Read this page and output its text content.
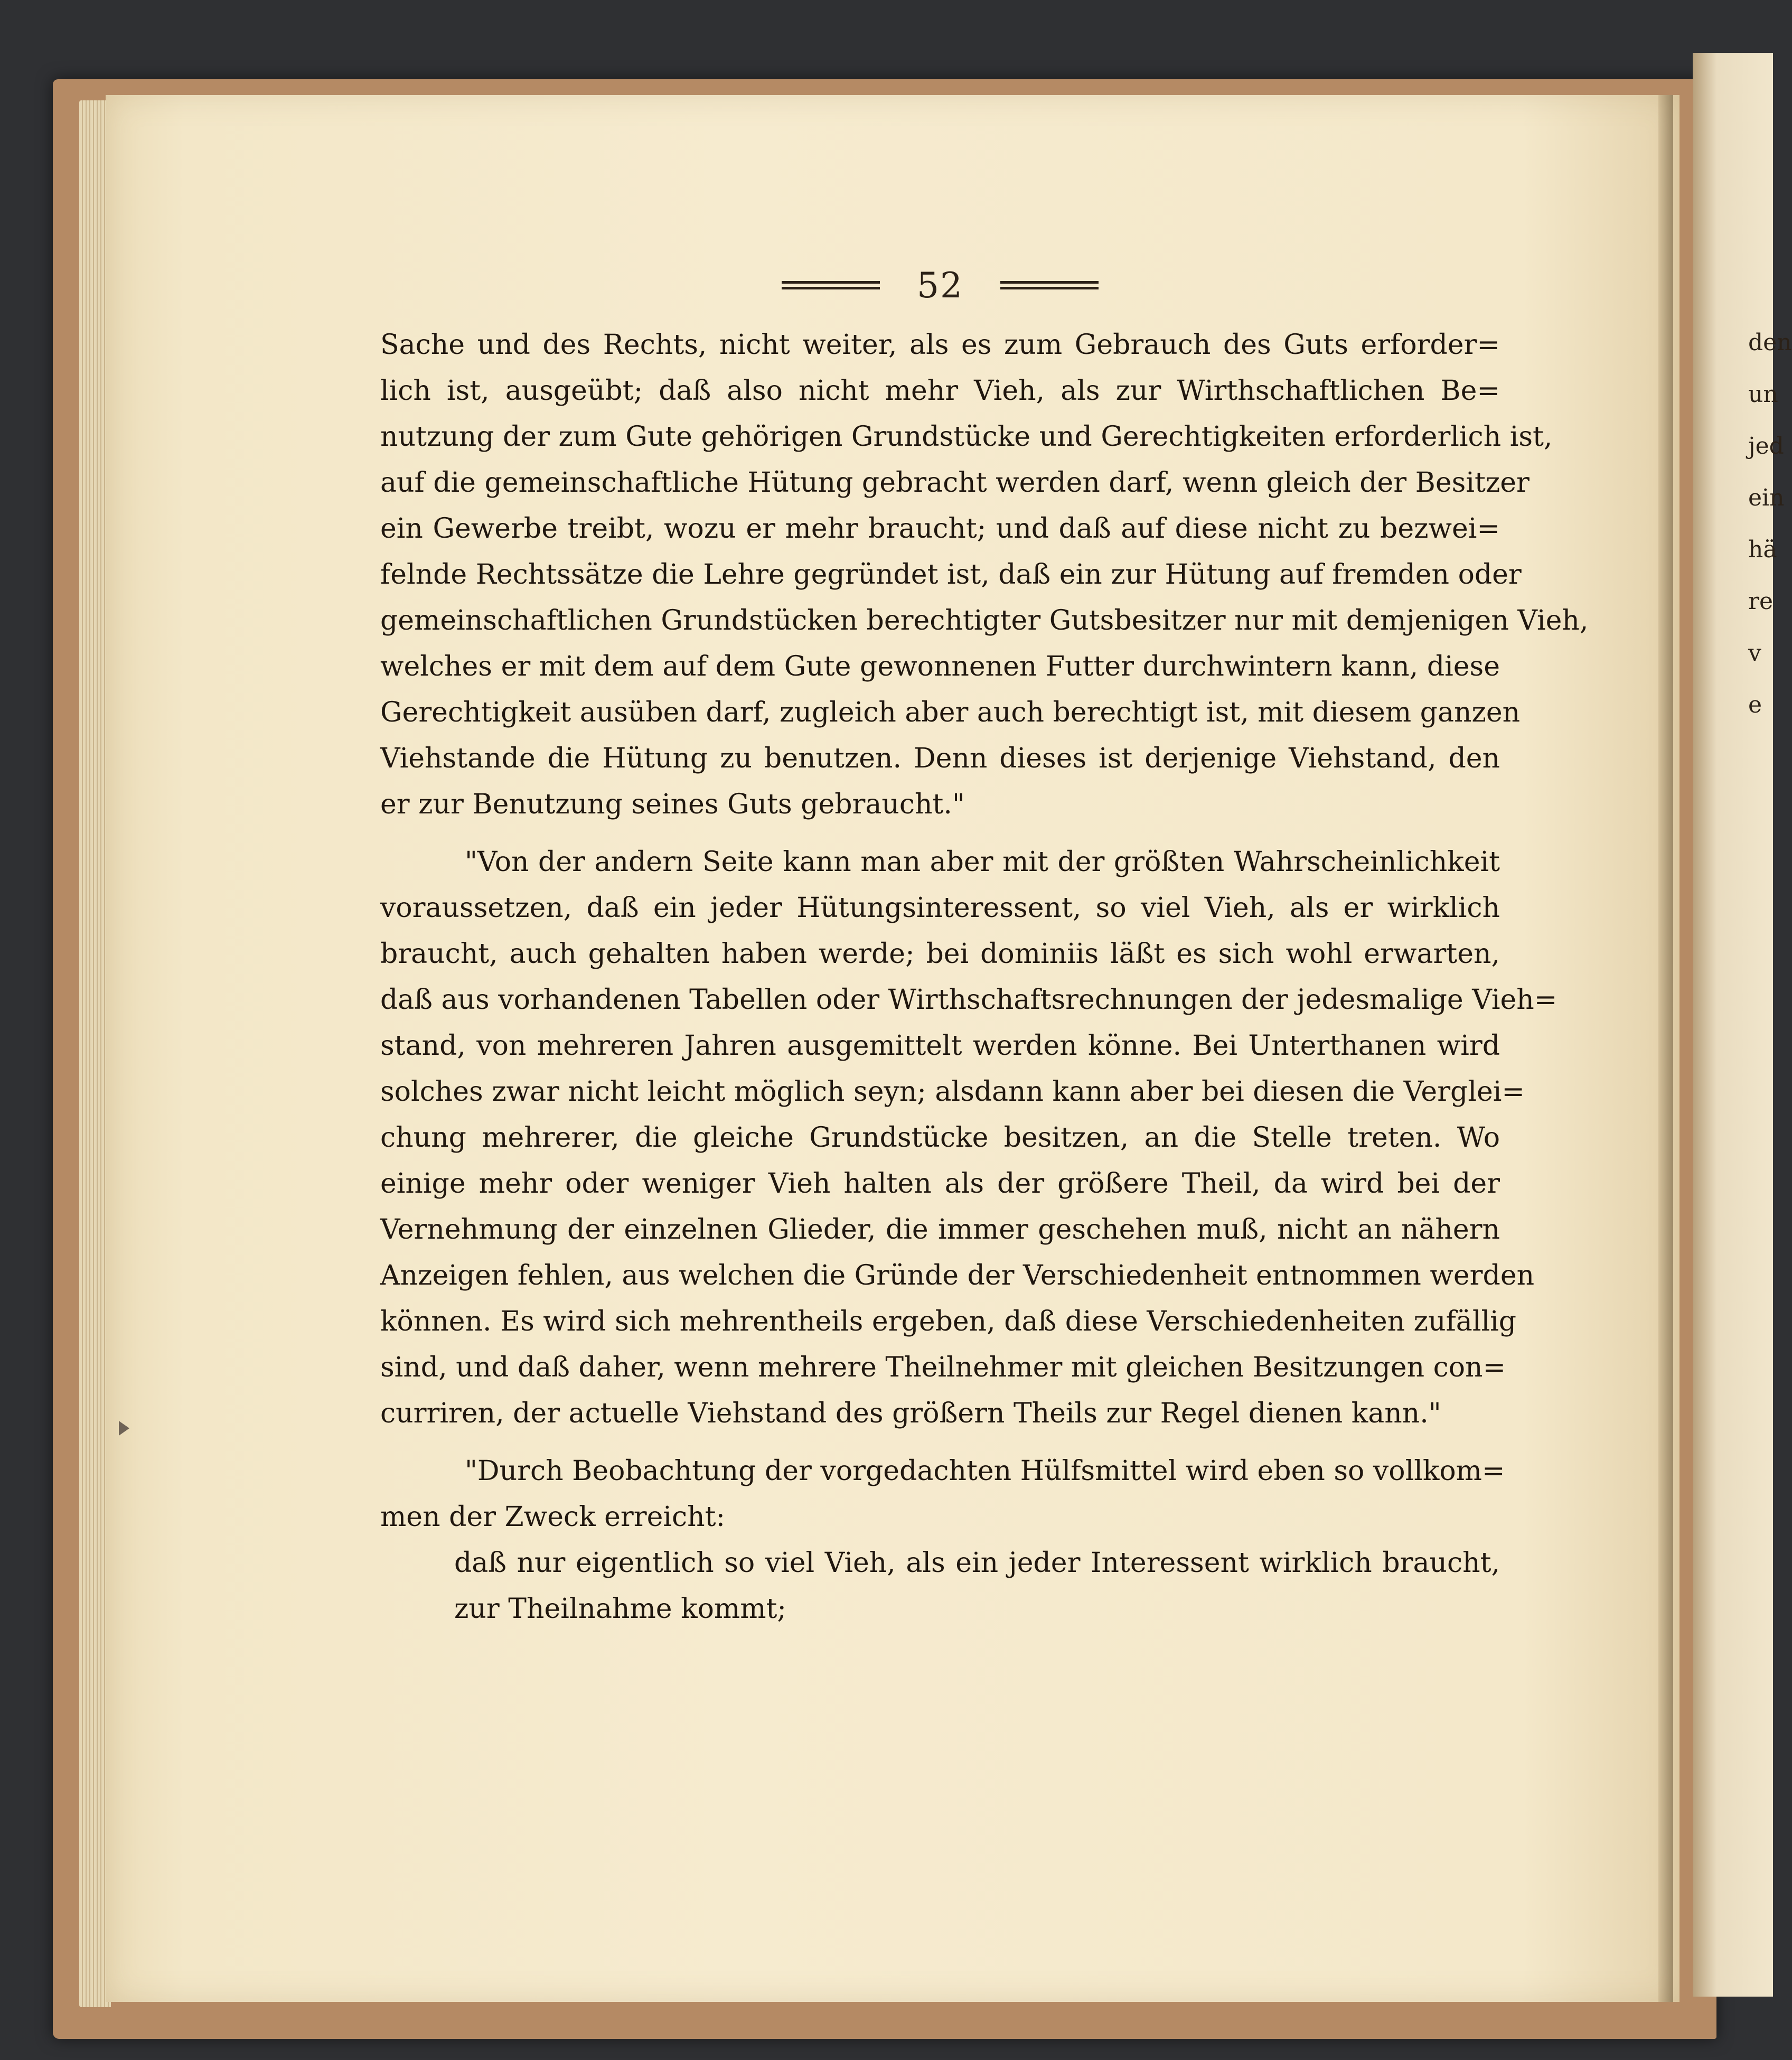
den
un
jed
ein
hä
re
v
e
52
Sache und des Rechts, nicht weiter, als es zum Gebrauch des Guts erforder=
lich ist, ausgeübt; daß also nicht mehr Vieh, als zur Wirthschaftlichen Be=
nutzung der zum Gute gehörigen Grundstücke und Gerechtigkeiten erforderlich ist,
auf die gemeinschaftliche Hütung gebracht werden darf, wenn gleich der Besitzer
ein Gewerbe treibt, wozu er mehr braucht; und daß auf diese nicht zu bezwei=
felnde Rechtssätze die Lehre gegründet ist, daß ein zur Hütung auf fremden oder
gemeinschaftlichen Grundstücken berechtigter Gutsbesitzer nur mit demjenigen Vieh,
welches er mit dem auf dem Gute gewonnenen Futter durchwintern kann, diese
Gerechtigkeit ausüben darf, zugleich aber auch berechtigt ist, mit diesem ganzen
Viehstande die Hütung zu benutzen. Denn dieses ist derjenige Viehstand, den
er zur Benutzung seines Guts gebraucht."
"Von der andern Seite kann man aber mit der größten Wahrscheinlichkeit
voraussetzen, daß ein jeder Hütungsinteressent, so viel Vieh, als er wirklich
braucht, auch gehalten haben werde; bei dominiis läßt es sich wohl erwarten,
daß aus vorhandenen Tabellen oder Wirthschaftsrechnungen der jedesmalige Vieh=
stand, von mehreren Jahren ausgemittelt werden könne. Bei Unterthanen wird
solches zwar nicht leicht möglich seyn; alsdann kann aber bei diesen die Verglei=
chung mehrerer, die gleiche Grundstücke besitzen, an die Stelle treten. Wo
einige mehr oder weniger Vieh halten als der größere Theil, da wird bei der
Vernehmung der einzelnen Glieder, die immer geschehen muß, nicht an nähern
Anzeigen fehlen, aus welchen die Gründe der Verschiedenheit entnommen werden
können. Es wird sich mehrentheils ergeben, daß diese Verschiedenheiten zufällig
sind, und daß daher, wenn mehrere Theilnehmer mit gleichen Besitzungen con=
curriren, der actuelle Viehstand des größern Theils zur Regel dienen kann."
"Durch Beobachtung der vorgedachten Hülfsmittel wird eben so vollkom=
men der Zweck erreicht:
daß nur eigentlich so viel Vieh, als ein jeder Interessent wirklich braucht,
zur Theilnahme kommt;
